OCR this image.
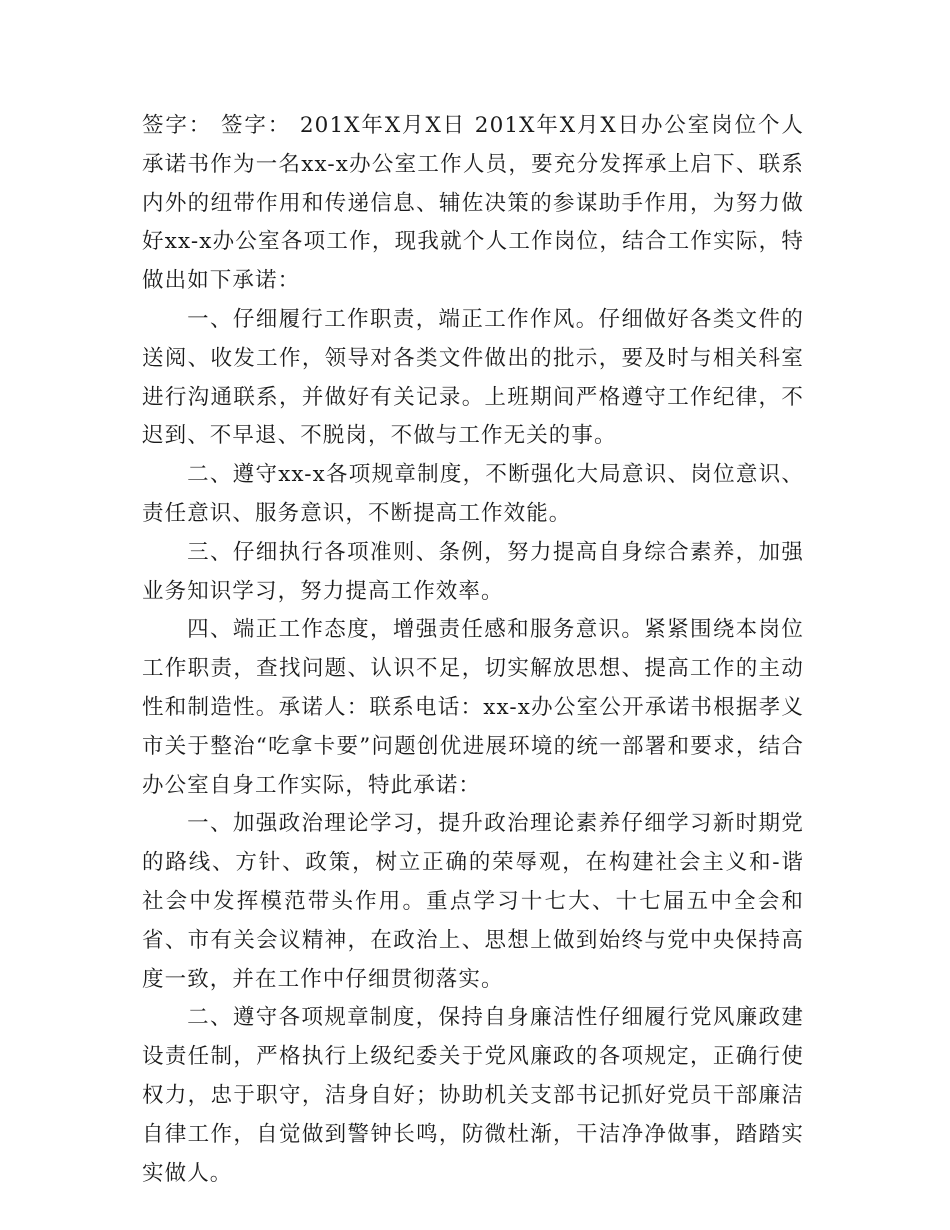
签字： 签字： 201X年X月X日 201X年X月X日办公室岗位个人承诺书作为一名xx-x办公室工作人员，要充分发挥承上启下、联系内外的纽带作用和传递信息、辅佐决策的参谋助手作用，为努力做好xx-x办公室各项工作，现我就个人工作岗位，结合工作实际，特做出如下承诺：

一、仔细履行工作职责，端正工作作风。仔细做好各类文件的送阅、收发工作，领导对各类文件做出的批示，要及时与相关科室进行沟通联系，并做好有关记录。上班期间严格遵守工作纪律，不迟到、不早退、不脱岗，不做与工作无关的事。

二、遵守xx-x各项规章制度，不断强化大局意识、岗位意识、责任意识、服务意识，不断提高工作效能。

三、仔细执行各项准则、条例，努力提高自身综合素养，加强业务知识学习，努力提高工作效率。

四、端正工作态度，增强责任感和服务意识。紧紧围绕本岗位工作职责，查找问题、认识不足，切实解放思想、提高工作的主动性和制造性。承诺人：联系电话：xx-x办公室公开承诺书根据孝义市关于整治“吃拿卡要”问题创优进展环境的统一部署和要求，结合办公室自身工作实际，特此承诺：

一、加强政治理论学习，提升政治理论素养仔细学习新时期党的路线、方针、政策，树立正确的荣辱观，在构建社会主义和-谐社会中发挥模范带头作用。重点学习十七大、十七届五中全会和省、市有关会议精神，在政治上、思想上做到始终与党中央保持高度一致，并在工作中仔细贯彻落实。

二、遵守各项规章制度，保持自身廉洁性仔细履行党风廉政建设责任制，严格执行上级纪委关于党风廉政的各项规定，正确行使权力，忠于职守，洁身自好；协助机关支部书记抓好党员干部廉洁自律工作，自觉做到警钟长鸣，防微杜渐，干洁净净做事，踏踏实实做人。
